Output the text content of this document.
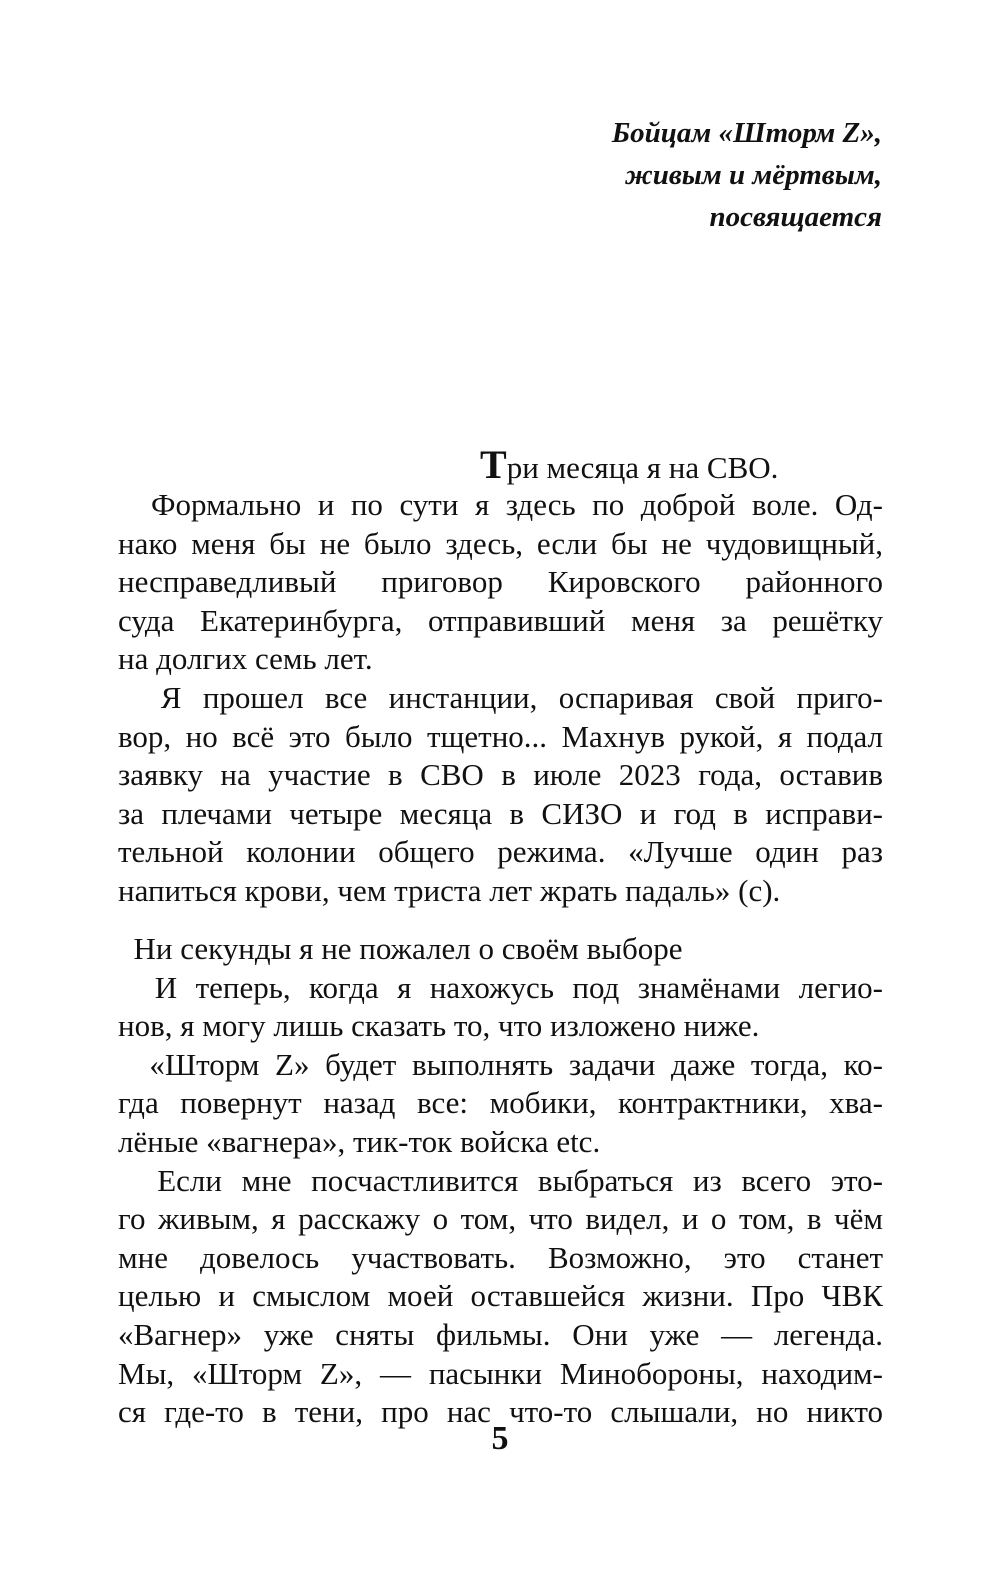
Бойцам «Шторм Z»,
живым и мёртвым,
посвящается
Три месяца я на СВО.
Формально и по сути я здесь по доброй воле. Од-
нако меня бы не было здесь, если бы не чудовищный,
несправедливый приговор Кировского районного
суда Екатеринбурга, отправивший меня за решётку
на долгих семь лет.
Я прошел все инстанции, оспаривая свой приго-
вор, но всё это было тщетно... Махнув рукой, я подал
заявку на участие в СВО в июле 2023 года, оставив
за плечами четыре месяца в СИЗО и год в исправи-
тельной колонии общего режима. «Лучше один раз
напиться крови, чем триста лет жрать падаль» (с).
Ни секунды я не пожалел о своём выборе
И теперь, когда я нахожусь под знамёнами легио-
нов, я могу лишь сказать то, что изложено ниже.
«Шторм Z» будет выполнять задачи даже тогда, ко-
гда повернут назад все: мобики, контрактники, хва-
лёные «вагнера», тик-ток войска etc.
Если мне посчастливится выбраться из всего это-
го живым, я расскажу о том, что видел, и о том, в чём
мне довелось участвовать. Возможно, это станет
целью и смыслом моей оставшейся жизни. Про ЧВК
«Вагнер» уже сняты фильмы. Они уже — легенда.
Мы, «Шторм Z», — пасынки Минобороны, находим-
ся где-то в тени, про нас что-то слышали, но никто
5
